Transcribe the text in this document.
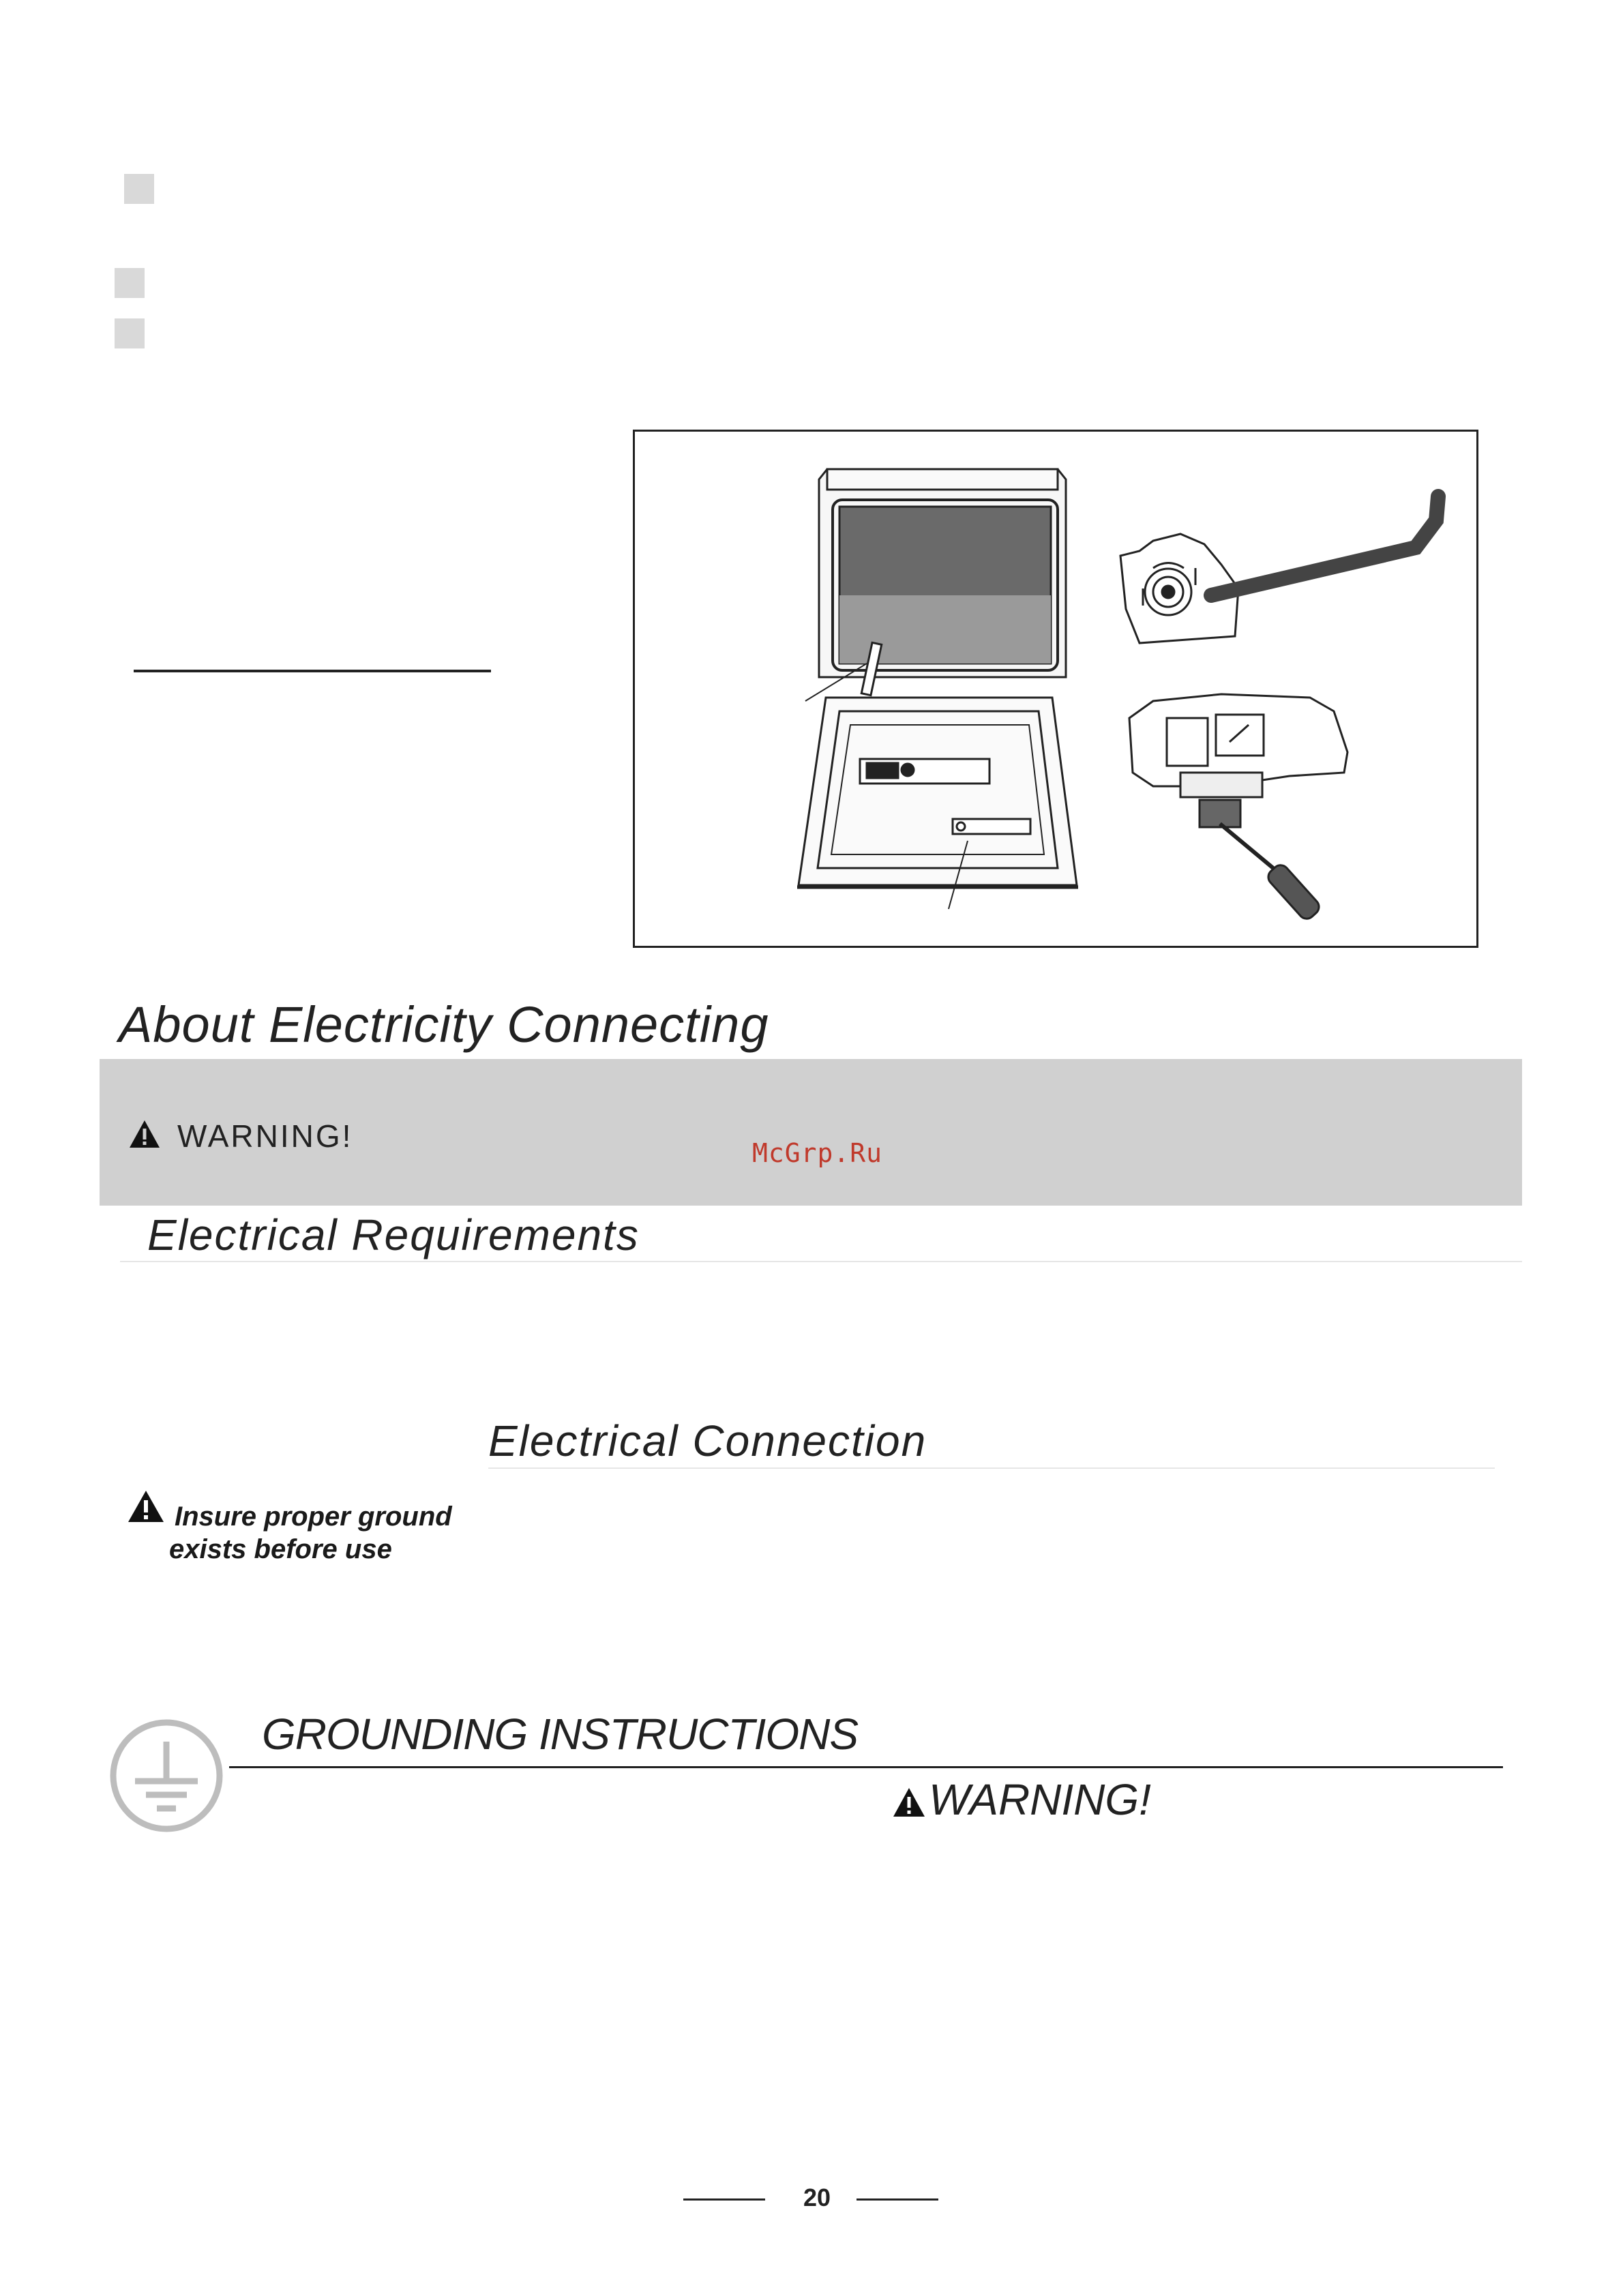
About Electricity Connecting
WARNING!	McGrp.Ru
Electrical Requirements
Electrical Connection
Insure proper ground
exists before use
GROUNDING INSTRUCTIONS
WARNING!
20
